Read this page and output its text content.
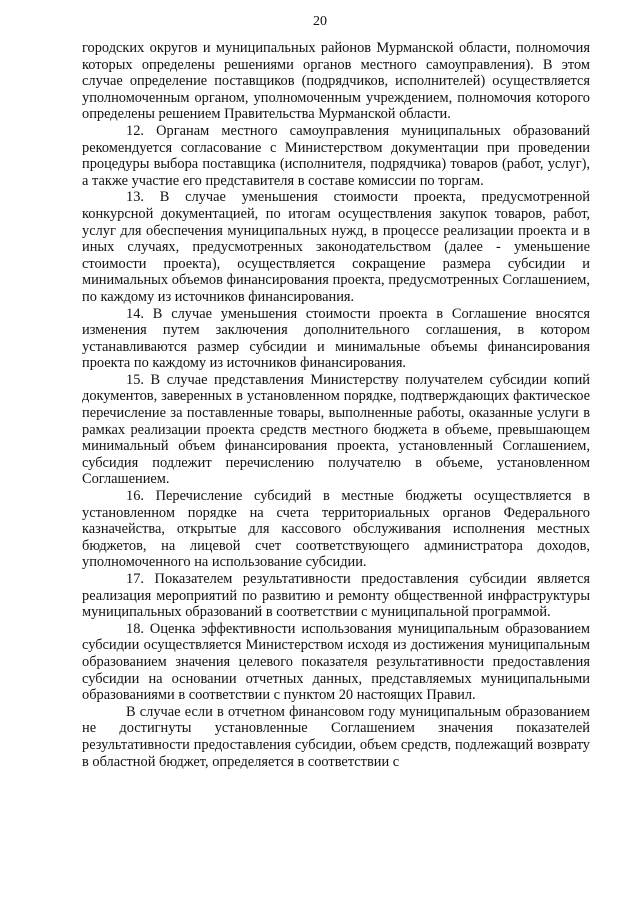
20

городских округов и муниципальных районов Мурманской области, полномочия которых определены решениями органов местного самоуправления). В этом случае определение поставщиков (подрядчиков, исполнителей) осуществляется уполномоченным органом, уполномоченным учреждением, полномочия которого определены решением Правительства Мурманской области.

12. Органам местного самоуправления муниципальных образований рекомендуется согласование с Министерством документации при проведении процедуры выбора поставщика (исполнителя, подрядчика) товаров (работ, услуг), а также участие его представителя в составе комиссии по торгам.

13. В случае уменьшения стоимости проекта, предусмотренной конкурсной документацией, по итогам осуществления закупок товаров, работ, услуг для обеспечения муниципальных нужд, в процессе реализации проекта и в иных случаях, предусмотренных законодательством (далее - уменьшение стоимости проекта), осуществляется сокращение размера субсидии и минимальных объемов финансирования проекта, предусмотренных Соглашением, по каждому из источников финансирования.

14. В случае уменьшения стоимости проекта в Соглашение вносятся изменения путем заключения дополнительного соглашения, в котором устанавливаются размер субсидии и минимальные объемы финансирования проекта по каждому из источников финансирования.

15. В случае представления Министерству получателем субсидии копий документов, заверенных в установленном порядке, подтверждающих фактическое перечисление за поставленные товары, выполненные работы, оказанные услуги в рамках реализации проекта средств местного бюджета в объеме, превышающем минимальный объем финансирования проекта, установленный Соглашением, субсидия подлежит перечислению получателю в объеме, установленном Соглашением.

16. Перечисление субсидий в местные бюджеты осуществляется в установленном порядке на счета территориальных органов Федерального казначейства, открытые для кассового обслуживания исполнения местных бюджетов, на лицевой счет соответствующего администратора доходов, уполномоченного на использование субсидии.

17. Показателем результативности предоставления субсидии является реализация мероприятий по развитию и ремонту общественной инфраструктуры муниципальных образований в соответствии с муниципальной программой.

18. Оценка эффективности использования муниципальным образованием субсидии осуществляется Министерством исходя из достижения муниципальным образованием значения целевого показателя результативности предоставления субсидии на основании отчетных данных, представляемых муниципальными образованиями в соответствии с пунктом 20 настоящих Правил.

В случае если в отчетном финансовом году муниципальным образованием не достигнуты установленные Соглашением значения показателей результативности предоставления субсидии, объем средств, подлежащий возврату в областной бюджет, определяется в соответствии с
